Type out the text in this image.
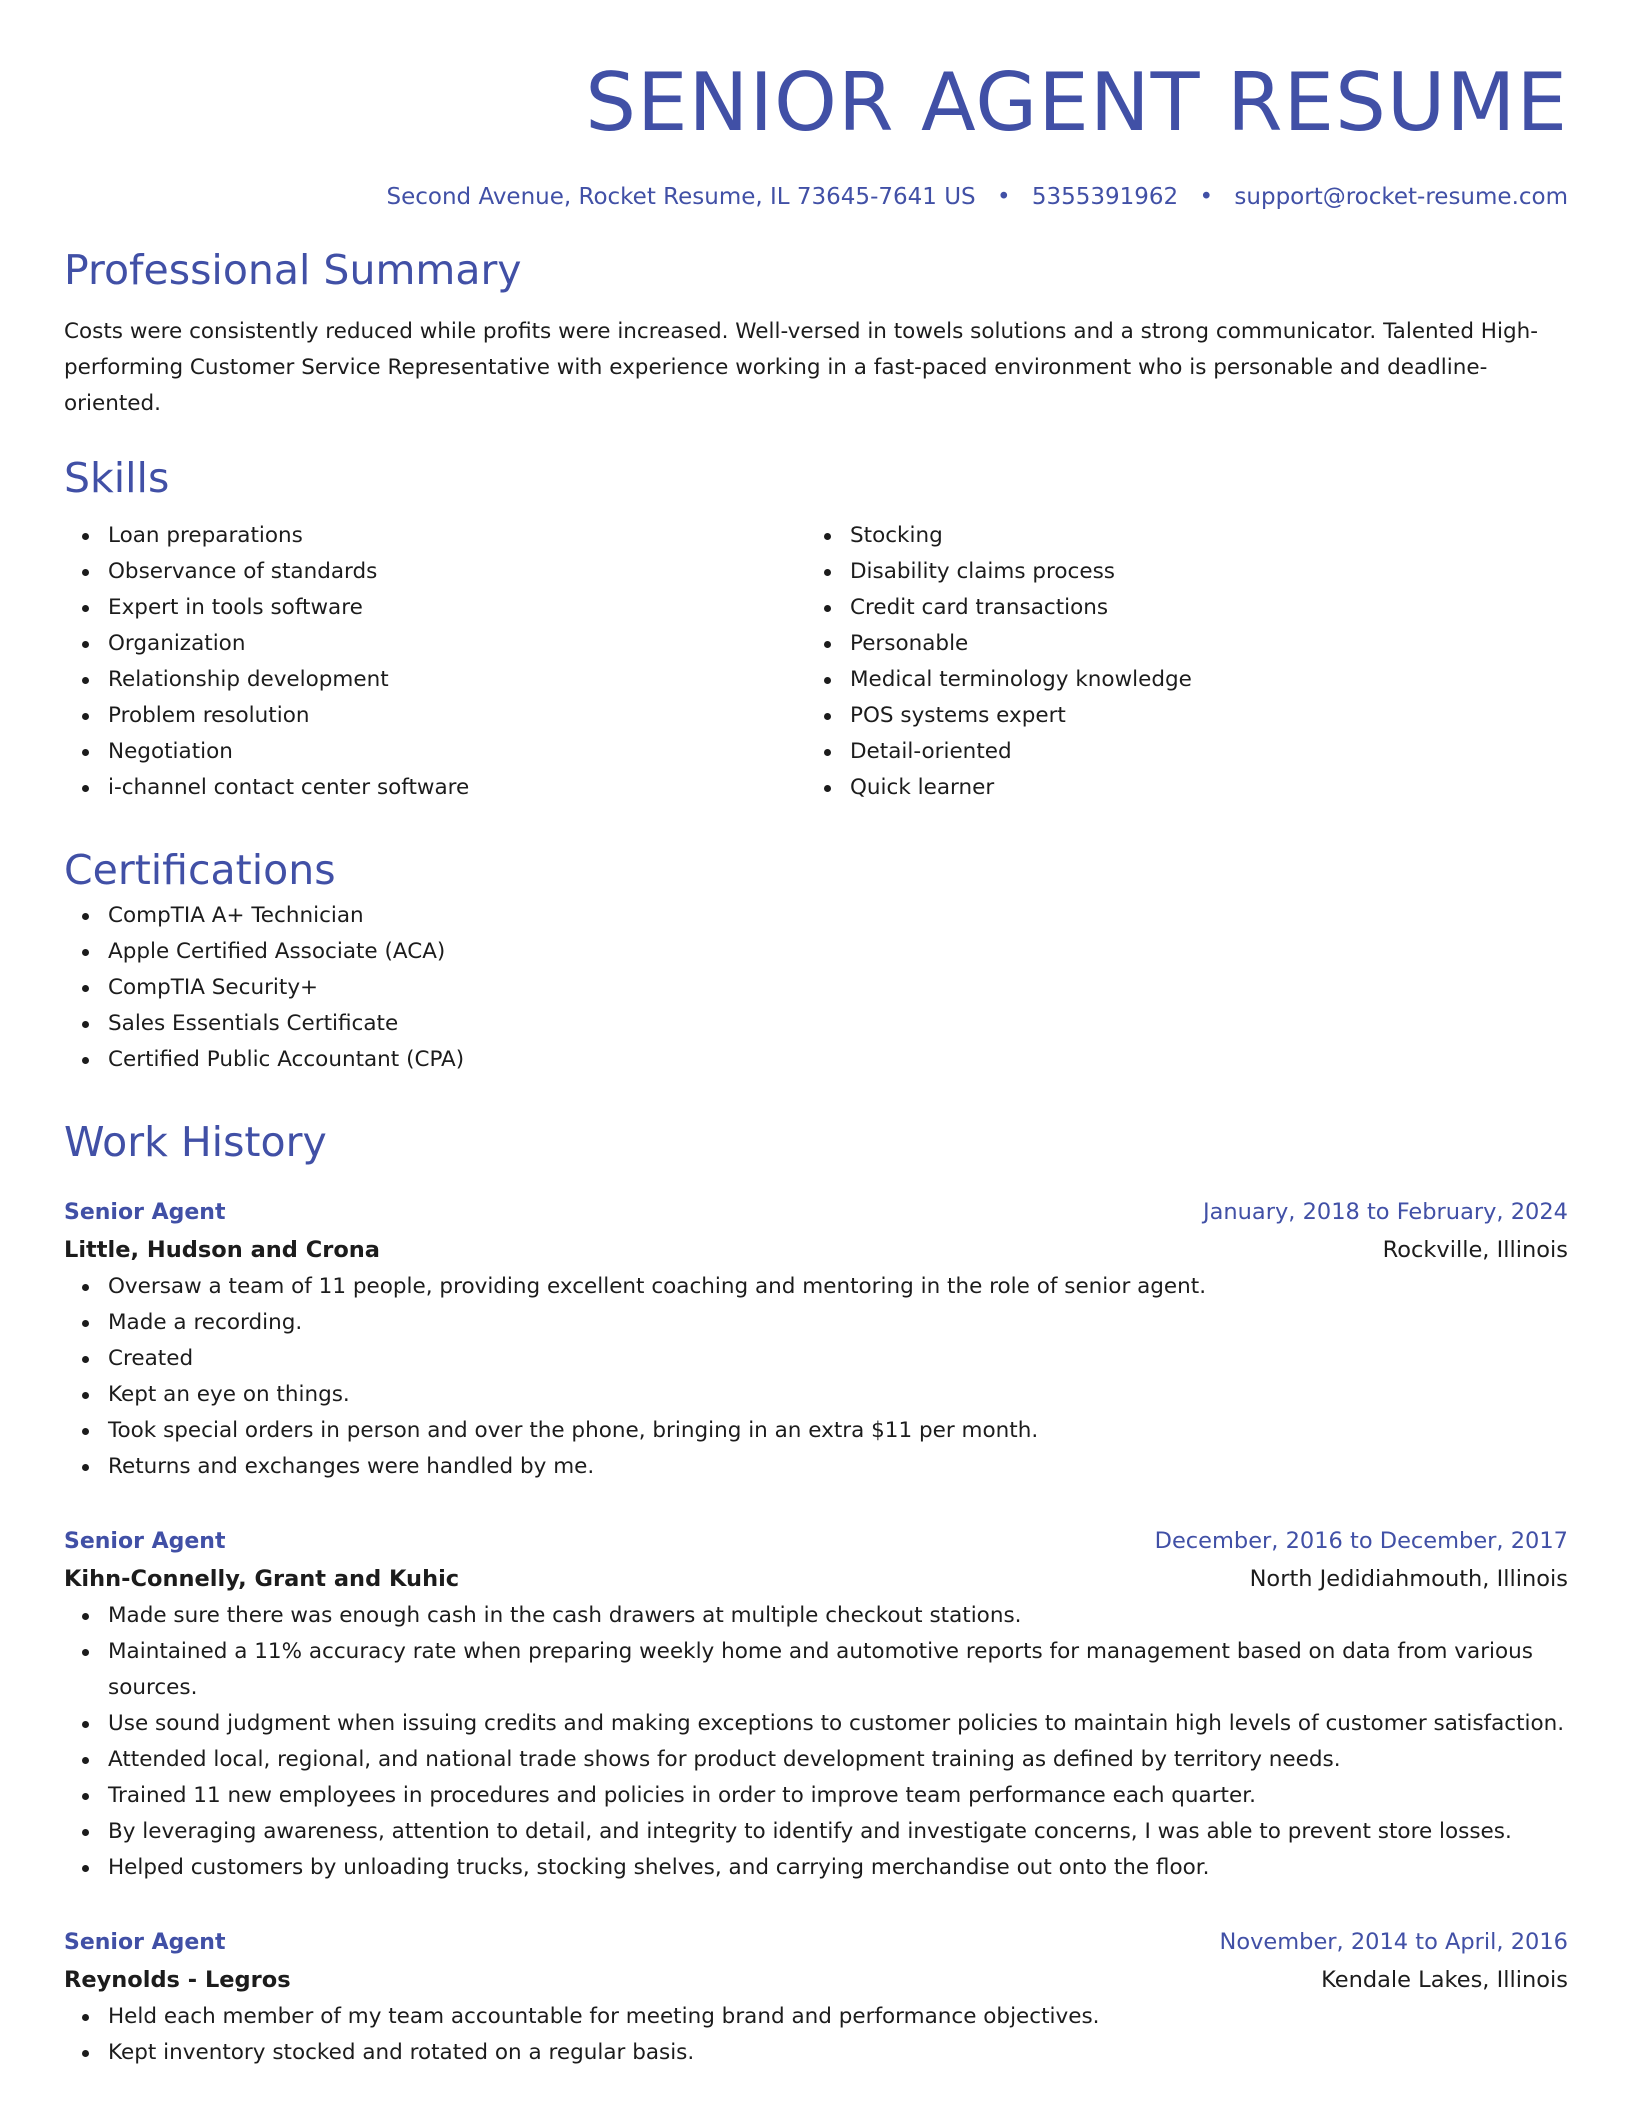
SENIOR AGENT RESUME
Second Avenue, Rocket Resume, IL 73645-7641 US • 5355391962 • support@rocket-resume.com
Professional Summary

Costs were consistently reduced while profits were increased. Well-versed in towels solutions and a strong communicator. Talented High-performing Customer Service Representative with experience working in a fast-paced environment who is personable and deadline-oriented.

Skills
Loan preparations
Observance of standards
Expert in tools software
Organization
Relationship development
Problem resolution
Negotiation
i-channel contact center software
Stocking
Disability claims process
Credit card transactions
Personable
Medical terminology knowledge
POS systems expert
Detail-oriented
Quick learner
Certifications
CompTIA A+ Technician
Apple Certified Associate (ACA)
CompTIA Security+
Sales Essentials Certificate
Certified Public Accountant (CPA)
Work History
Senior Agent	January, 2018 to February, 2024
Little, Hudson and Crona	Rockville, Illinois
Oversaw a team of 11 people, providing excellent coaching and mentoring in the role of senior agent.
Made a recording.
Created
Kept an eye on things.
Took special orders in person and over the phone, bringing in an extra $11 per month.
Returns and exchanges were handled by me.
Senior Agent	December, 2016 to December, 2017
Kihn-Connelly, Grant and Kuhic	North Jedidiahmouth, Illinois
Made sure there was enough cash in the cash drawers at multiple checkout stations.
Maintained a 11% accuracy rate when preparing weekly home and automotive reports for management based on data from various sources.
Use sound judgment when issuing credits and making exceptions to customer policies to maintain high levels of customer satisfaction.
Attended local, regional, and national trade shows for product development training as defined by territory needs.
Trained 11 new employees in procedures and policies in order to improve team performance each quarter.
By leveraging awareness, attention to detail, and integrity to identify and investigate concerns, I was able to prevent store losses.
Helped customers by unloading trucks, stocking shelves, and carrying merchandise out onto the floor.
Senior Agent	November, 2014 to April, 2016
Reynolds - Legros	Kendale Lakes, Illinois
Held each member of my team accountable for meeting brand and performance objectives.
Kept inventory stocked and rotated on a regular basis.
